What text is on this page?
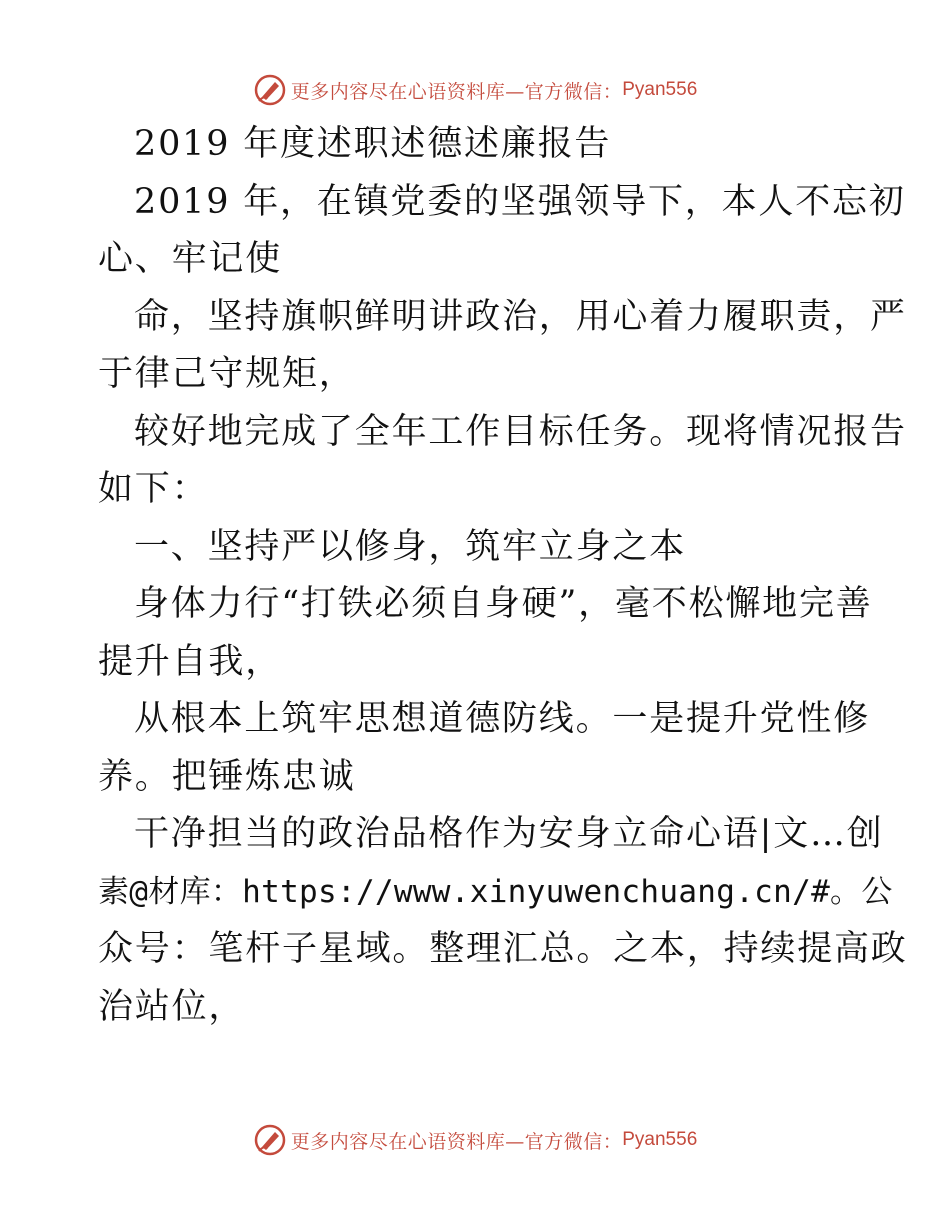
更多内容尽在心语资料库—官方微信： Pyan556
2019 年度述职述德述廉报告
2019 年，在镇党委的坚强领导下，本人不忘初
心、牢记使
命，坚持旗帜鲜明讲政治，用心着力履职责，严
于律己守规矩，
较好地完成了全年工作目标任务。现将情况报告
如下：
一、坚持严以修身，筑牢立身之本
身体力行“打铁必须自身硬”，毫不松懈地完善
提升自我，
从根本上筑牢思想道德防线。一是提升党性修
养。把锤炼忠诚
干净担当的政治品格作为安身立命心语|文…创
素@材库：https://www.xinyuwenchuang.cn/#。公
众号：笔杆子星域。整理汇总。之本，持续提高政
治站位，
更多内容尽在心语资料库—官方微信： Pyan556
